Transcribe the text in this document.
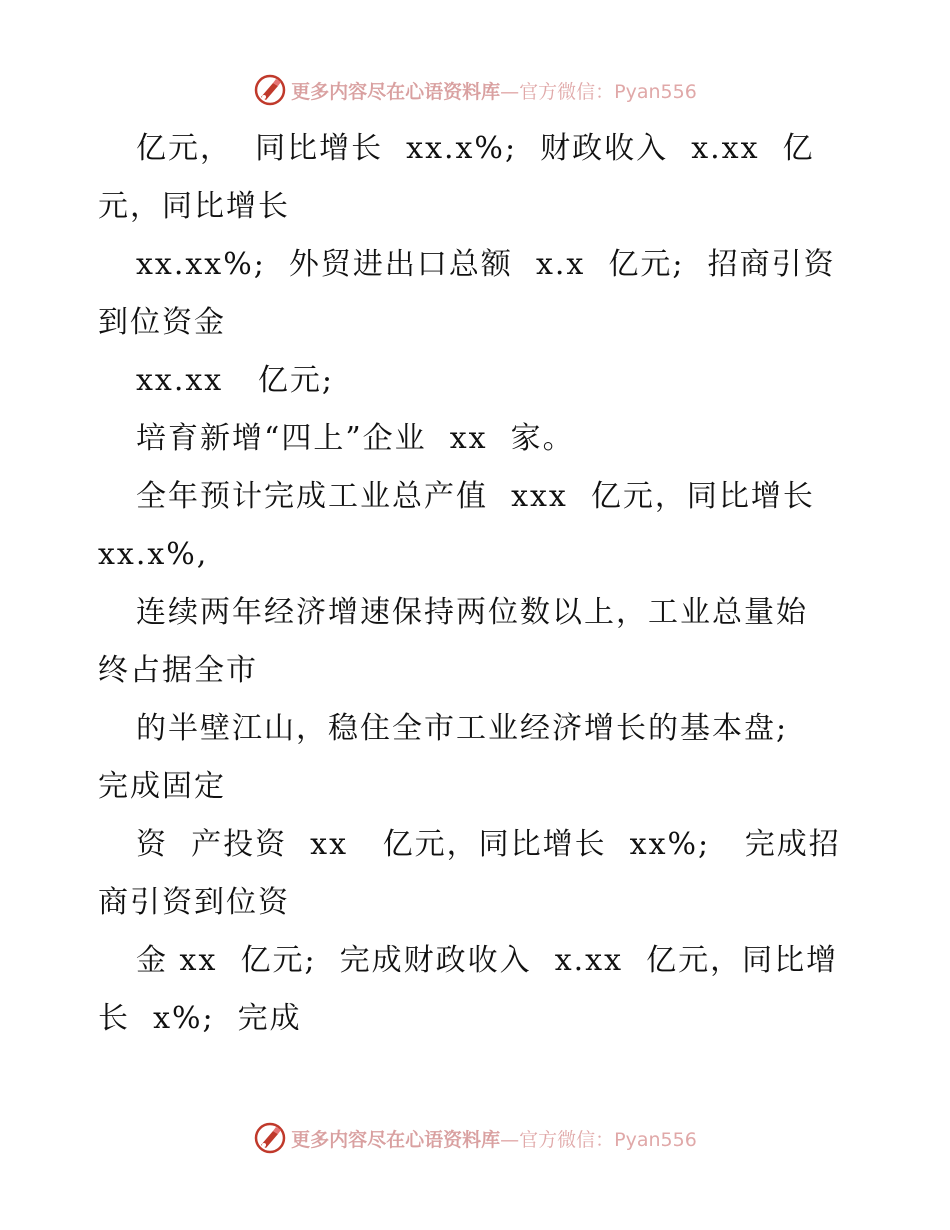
更多内容尽在心语资料库 —官方微信：Pyan556
亿元，  同比增长  xx.x%;  财政收入  x.xx  亿
元，同比增长
xx.xx%;  外贸进出口总额  x.x  亿元;  招商引资
到位资金
xx.xx   亿元;
培育新增“四上”企业  xx  家。
全年预计完成工业总产值  xxx  亿元，同比增长
xx.x%,
连续两年经济增速保持两位数以上，工业总量始
终占据全市
的半壁江山，稳住全市工业经济增长的基本盘;
完成固定
资  产投资  xx   亿元，同比增长  xx%;   完成招
商引资到位资
金 xx  亿元;  完成财政收入  x.xx  亿元，同比增
长  x%;  完成
更多内容尽在心语资料库 —官方微信：Pyan556
